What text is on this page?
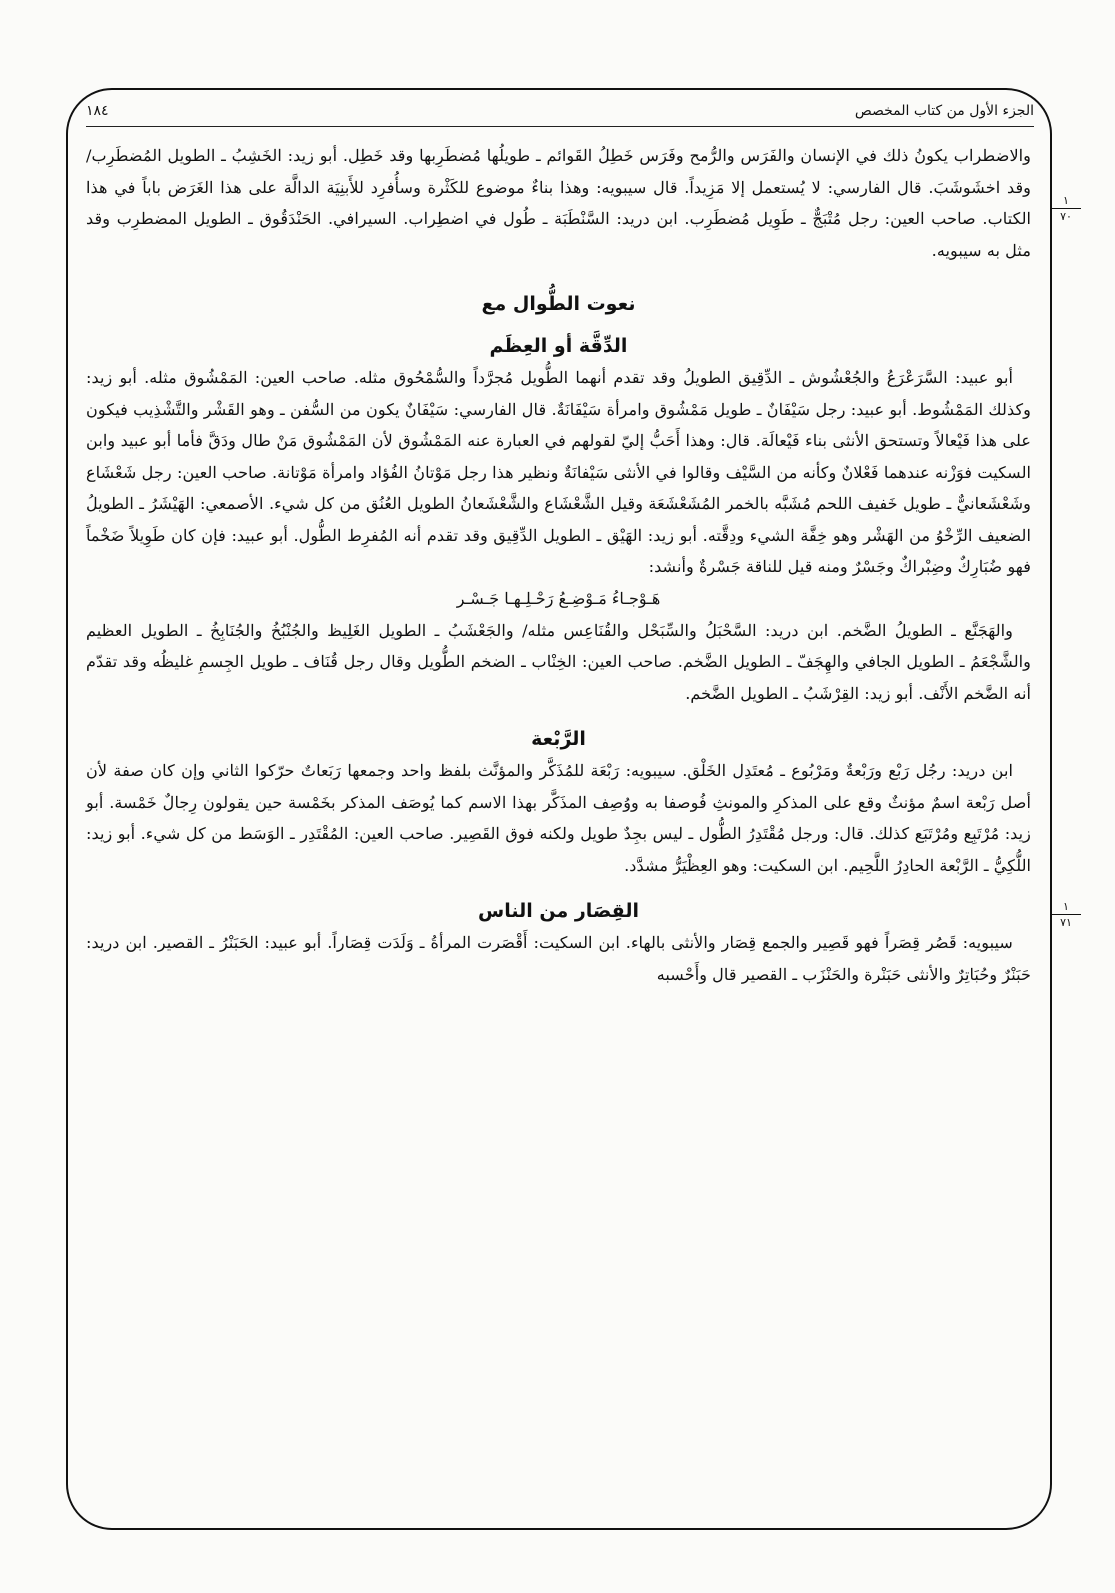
١٨٤	الجزء الأول من كتاب المخصص
١
٧٠
١
٧١

والاضطراب يكونُ ذلك في الإنسان والفَرَس والرُّمح وفَرَس خَطِلُ القَوائم ـ طويلُها مُضطَرِبها وقد خَطِل. أبو زيد: الخَشِبُ ـ الطويل المُضطَرِب/ وقد اخشَوشَبَ. قال الفارسي: لا يُستعمل إلا مَزِيداً. قال سيبويه: وهذا بناءٌ موضوع للكَثْرة وسأُفرِد للأَبنِيَة الدالَّة على هذا الغَرَض باباً في هذا الكتاب. صاحب العين: رجل مُتْبَجٌّ ـ طَوِيل مُضطَرِب. ابن دريد: السَّنْطَبَة ـ طُول في اضطِراب. السيرافي. الحَنْدَقُوق ـ الطويل المضطرِب وقد مثل به سيبويه.

نعوت الطُّوال مع

الدِّقَّة أو العِظَم

أبو عبيد: السَّرَعْرَعُ والجُعْشُوش ـ الدِّقِيق الطويلُ وقد تقدم أنهما الطُّويل مُجرَّداً والسُّمْحُوق مثله. صاحب العين: المَمْشُوق مثله. أبو زيد: وكذلك المَمْشُوط. أبو عبيد: رجل سَيْفَانٌ ـ طويل مَمْشُوق وامرأة سَيْفَانَةٌ. قال الفارسي: سَيْفَانٌ يكون من السُّفن ـ وهو القَشْر والتَّشْذِيب فيكون على هذا فَيْعالاً وتستحق الأنثى بناء فَيْعالَة. قال: وهذا أَحَبُّ إليّ لقولهم في العبارة عنه المَمْشُوق لأن المَمْشُوق مَنْ طال ودَقَّ فأما أبو عبيد وابن السكيت فوَزْنه عندهما فَعْلانٌ وكأنه من السَّيْف وقالوا في الأنثى سَيْفانَةٌ ونظير هذا رجل مَوْتانُ الفُؤاد وامرأة مَوْتانة. صاحب العين: رجل شَعْشَاع وشَعْشَعانيٌّ ـ طويل خَفيف اللحم مُشَبَّه بالخمر المُشَعْشَعَة وقيل الشَّعْشَاع والشَّعْشَعانُ الطويل العُنُق من كل شيء. الأصمعي: الهَيْشَرُ ـ الطويلُ الضعيف الرِّخْوُ من الهَشْر وهو خِفَّة الشيء ودِقَّته. أبو زيد: الهَيْق ـ الطويل الدِّقِيق وقد تقدم أنه المُفرِط الطُّول. أبو عبيد: فإن كان طَوِيلاً ضَخْماً فهو ضُبَارِكٌ وضِبْراكٌ وجَسْرٌ ومنه قيل للناقة جَسْرةٌ وأنشد:

هَـوْجـاءُ مَـوْضِـعُ رَحْـلِـهـا جَـسْـر

والهَجَنَّع ـ الطويلُ الضَّخم. ابن دريد: السَّحْبَلُ والسِّبَحْل والقُنَاعِس مثله/ والجَعْشَبُ ـ الطويل الغَلِيظ والجُنْبُخُ والجُنَابِخُ ـ الطويل العظيم والشَّجْعَمُ ـ الطويل الجافي والهِجَفّ ـ الطويل الضَّخم. صاحب العين: الخِنْاب ـ الضخم الطُّويل وقال رجل قُنَاف ـ طويل الجِسمِ غليظُه وقد تقدّم أنه الضَّخم الأَنْف. أبو زيد: القِرْشَبُ ـ الطويل الضَّخم.

الرَّبْعة

ابن دريد: رجُل رَبْع ورَبْعةٌ ومَرْبُوع ـ مُعتَدِل الخَلْق. سيبويه: رَبْعَة للمُذَكَّر والمؤنَّث بلفظ واحد وجمعها رَبَعاتٌ حرّكوا الثاني وإن كان صفة لأن أصل رَبْعة اسمٌ مؤنثٌ وقع على المذكرِ والمونثِ فُوصفا به ووُصِف المذَكَّر بهذا الاسم كما يُوصَف المذكر بخَمْسة حين يقولون رِجالٌ خَمْسة. أبو زيد: مُرْتَبِع ومُرْتَبَع كذلك. قال: ورجل مُقْتَدِرُ الطُّول ـ ليس بجِدٌ طويل ولكنه فوق القَصِير. صاحب العين: المُقْتَدِر ـ الوَسَط من كل شيء. أبو زيد: اللُّكِيُّ ـ الرَّبْعة الحادِرُ اللَّحِيم. ابن السكيت: وهو العِظْيَرُّ مشدَّد.

القِصَار من الناس

سيبويه: قَصُر قِصَراً فهو قَصِير والجمع قِصَار والأنثى بالهاء. ابن السكيت: أَقْصَرت المرأةُ ـ وَلَدَت قِصَاراً. أبو عبيد: الحَبَنْرُ ـ القصير. ابن دريد: حَبَنْرٌ وحُبَاتِرٌ والأنثى حَبَنْرة والحَنْزَب ـ القصير قال وأَحْسبه
